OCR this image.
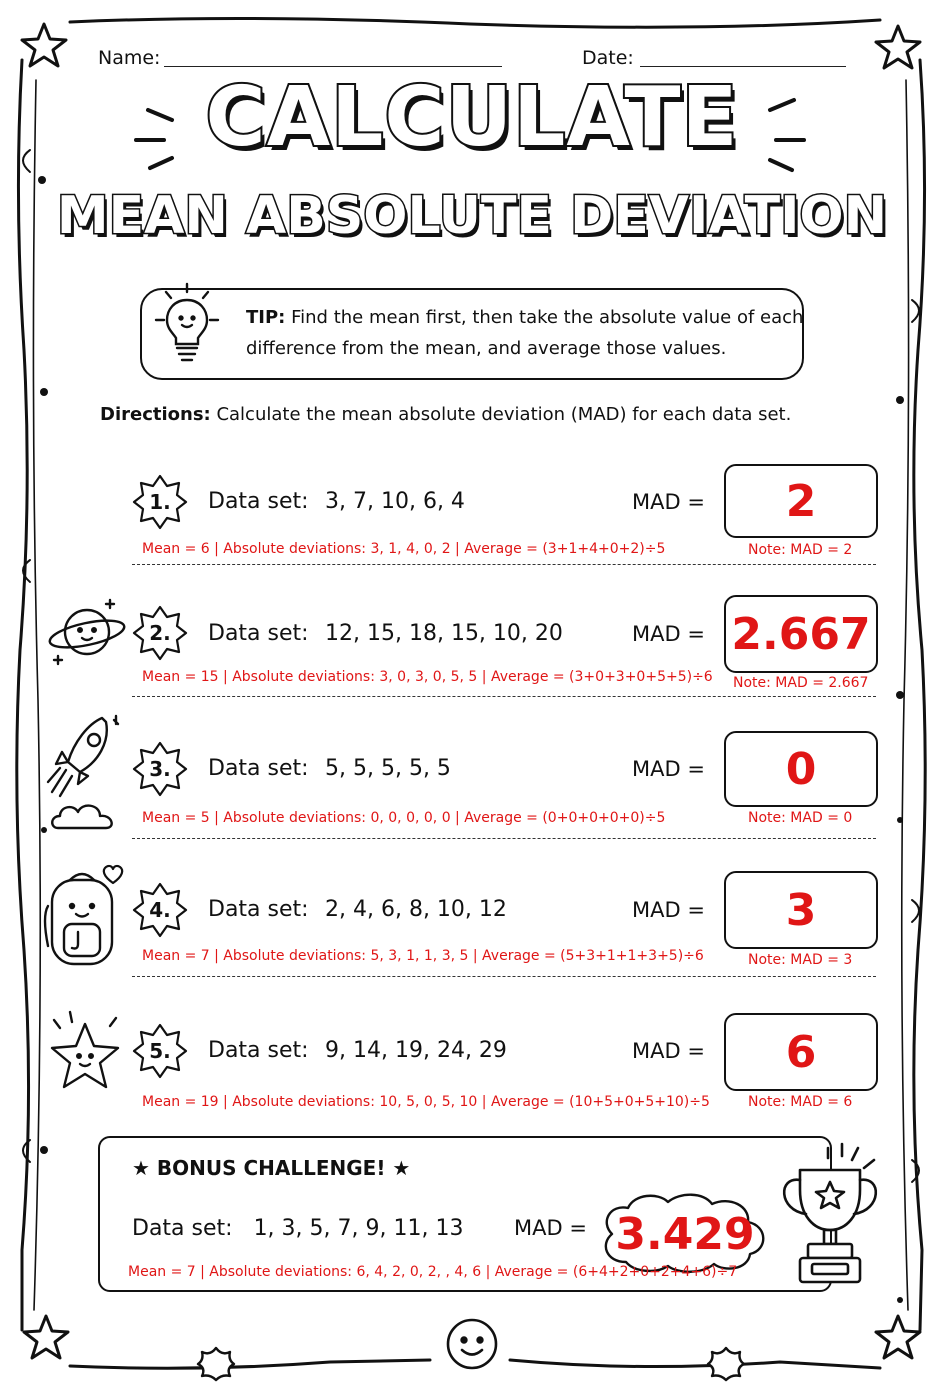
Name:	Date:
CALCULATE
MEAN ABSOLUTE DEVIATION
TIP: Find the mean first, then take the absolute value of each
difference from the mean, and average those values.
Directions: Calculate the mean absolute deviation (MAD) for each data set.
1. Data set: 3, 7, 10, 6, 4	MAD =	2
Mean = 6 | Absolute deviations: 3, 1, 4, 0, 2 | Average = (3+1+4+0+2)÷5	Note: MAD = 2
2. Data set: 12, 15, 18, 15, 10, 20	MAD = 2.667
Mean = 15 | Absolute deviations: 3, 0, 3, 0, 5, 5 | Average = (3+0+3+0+5+5)÷6 Note: MAD = 2.667
3. Data set: 5, 5, 5, 5, 5	MAD =	0
Mean = 5 | Absolute deviations: 0, 0, 0, 0, 0 | Average = (0+0+0+0+0)÷5	Note: MAD = 0
4. Data set: 2, 4, 6, 8, 10, 12	MAD =	3
Mean = 7 | Absolute deviations: 5, 3, 1, 1, 3, 5 | Average = (5+3+1+1+3+5)÷6	Note: MAD = 3
5. Data set: 9, 14, 19, 24, 29	MAD =	6
Mean = 19 | Absolute deviations: 10, 5, 0, 5, 10 | Average = (10+5+0+5+10)÷5	Note: MAD = 6
★ BONUS CHALLENGE! ★
Data set: 1, 3, 5, 7, 9, 11, 13 MAD = 3.429
Mean = 7 | Absolute deviations: 6, 4, 2, 0, 2, , 4, 6 | Average = (6+4+2+0+2+4+6)÷7
